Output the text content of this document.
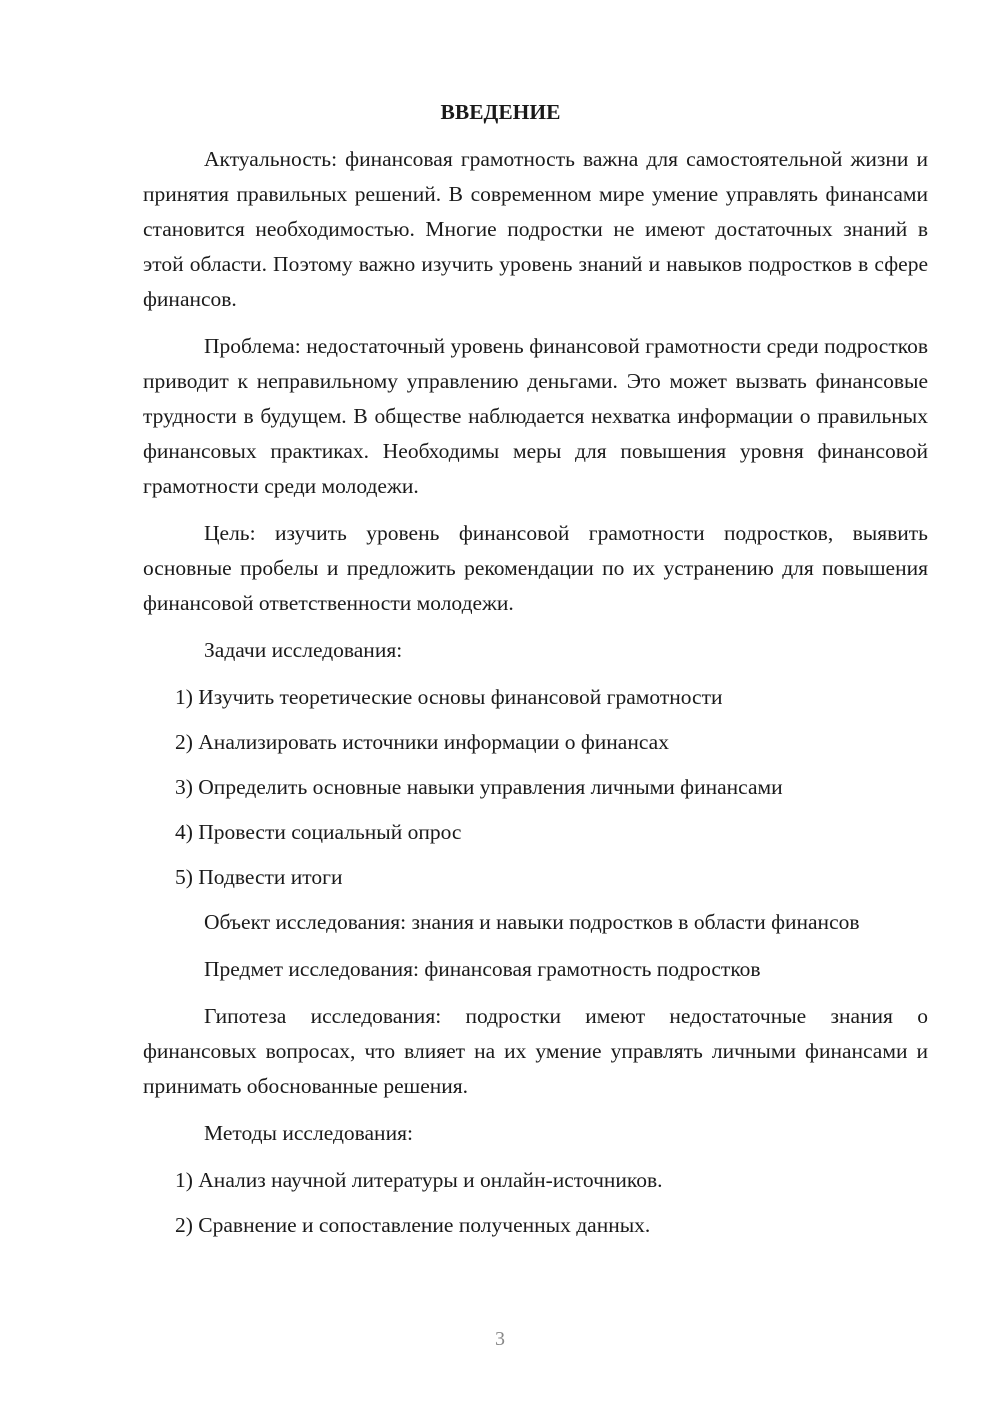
ВВЕДЕНИЕ

Актуальность: финансовая грамотность важна для самостоятельной жизни и принятия правильных решений. В современном мире умение управлять финансами становится необходимостью. Многие подростки не имеют достаточных знаний в этой области. Поэтому важно изучить уровень знаний и навыков подростков в сфере финансов.

Проблема: недостаточный уровень финансовой грамотности среди подростков приводит к неправильному управлению деньгами. Это может вызвать финансовые трудности в будущем. В обществе наблюдается нехватка информации о правильных финансовых практиках. Необходимы меры для повышения уровня финансовой грамотности среди молодежи.

Цель: изучить уровень финансовой грамотности подростков, выявить основные пробелы и предложить рекомендации по их устранению для повышения финансовой ответственности молодежи.

Задачи исследования:

1) Изучить теоретические основы финансовой грамотности
2) Анализировать источники информации о финансах
3) Определить основные навыки управления личными финансами
4) Провести социальный опрос
5) Подвести итоги

Объект исследования: знания и навыки подростков в области финансов

Предмет исследования: финансовая грамотность подростков

Гипотеза исследования: подростки имеют недостаточные знания о финансовых вопросах, что влияет на их умение управлять личными финансами и принимать обоснованные решения.

Методы исследования:

1) Анализ научной литературы и онлайн-источников.
2) Сравнение и сопоставление полученных данных.
3
